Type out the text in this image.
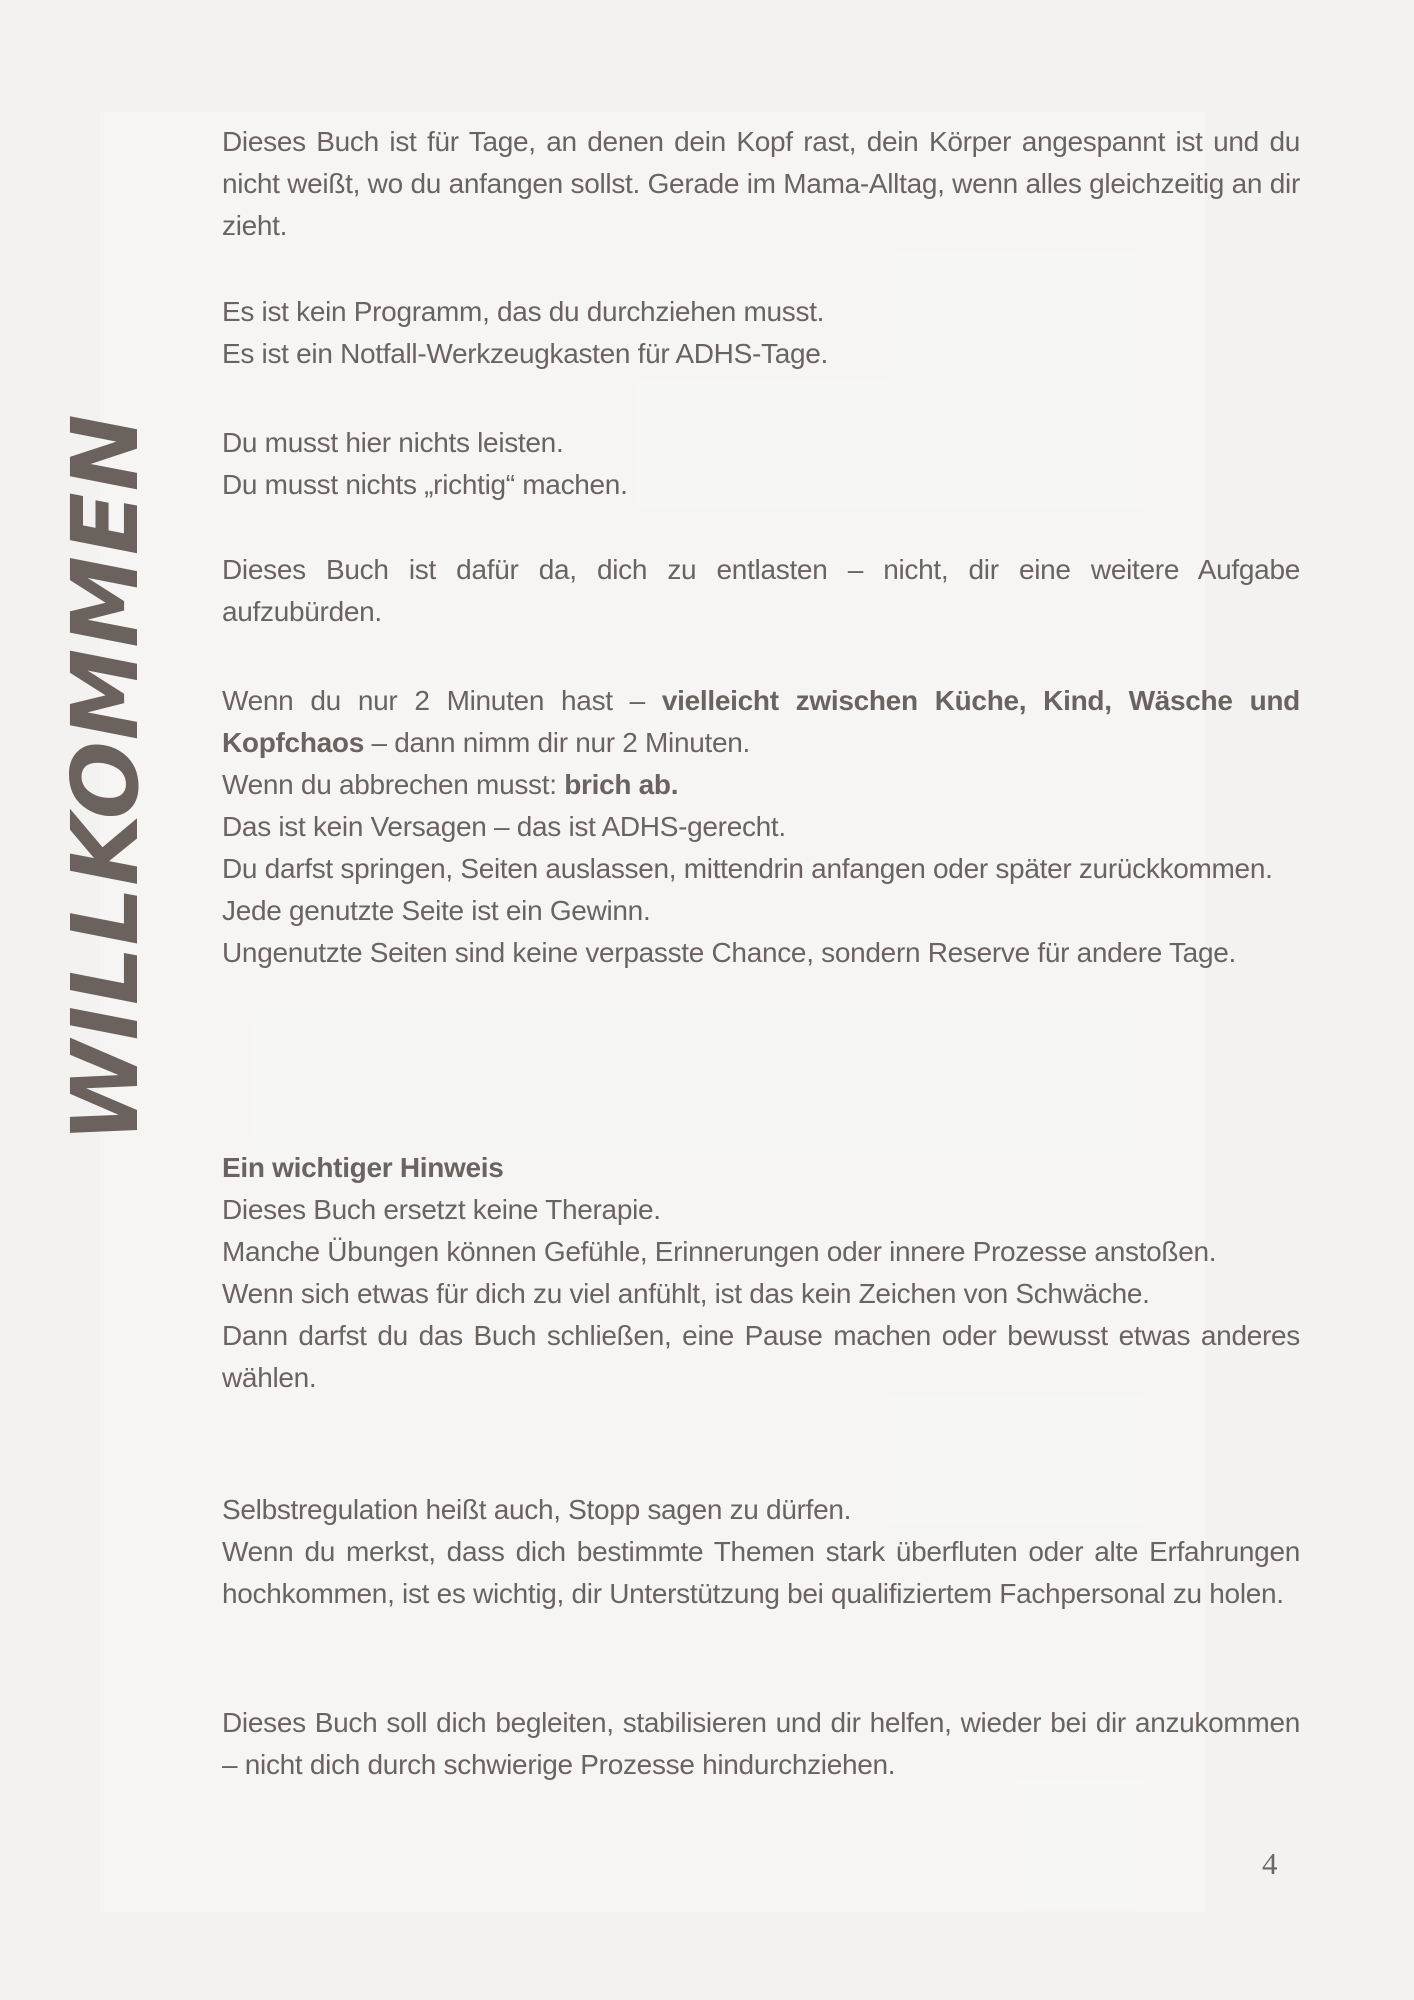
WILLKOMMEN

Dieses Buch ist für Tage, an denen dein Kopf rast, dein Körper angespannt ist und du nicht weißt, wo du anfangen sollst. Gerade im Mama-Alltag, wenn alles gleichzeitig an dir zieht.

Es ist kein Programm, das du durchziehen musst.
Es ist ein Notfall-Werkzeugkasten für ADHS-Tage.

Du musst hier nichts leisten.
Du musst nichts „richtig“ machen.

Dieses Buch ist dafür da, dich zu entlasten – nicht, dir eine weitere Aufgabe aufzubürden.

Wenn du nur 2 Minuten hast – vielleicht zwischen Küche, Kind, Wäsche und Kopfchaos – dann nimm dir nur 2 Minuten.
Wenn du abbrechen musst: brich ab.
Das ist kein Versagen – das ist ADHS-gerecht.
Du darfst springen, Seiten auslassen, mittendrin anfangen oder später zurückkommen.
Jede genutzte Seite ist ein Gewinn.
Ungenutzte Seiten sind keine verpasste Chance, sondern Reserve für andere Tage.

Ein wichtiger Hinweis
Dieses Buch ersetzt keine Therapie.
Manche Übungen können Gefühle, Erinnerungen oder innere Prozesse anstoßen.
Wenn sich etwas für dich zu viel anfühlt, ist das kein Zeichen von Schwäche.
Dann darfst du das Buch schließen, eine Pause machen oder bewusst etwas anderes wählen.

Selbstregulation heißt auch, Stopp sagen zu dürfen.
Wenn du merkst, dass dich bestimmte Themen stark überfluten oder alte Erfahrungen hochkommen, ist es wichtig, dir Unterstützung bei qualifiziertem Fachpersonal zu holen.

Dieses Buch soll dich begleiten, stabilisieren und dir helfen, wieder bei dir anzukommen – nicht dich durch schwierige Prozesse hindurchziehen.

4
